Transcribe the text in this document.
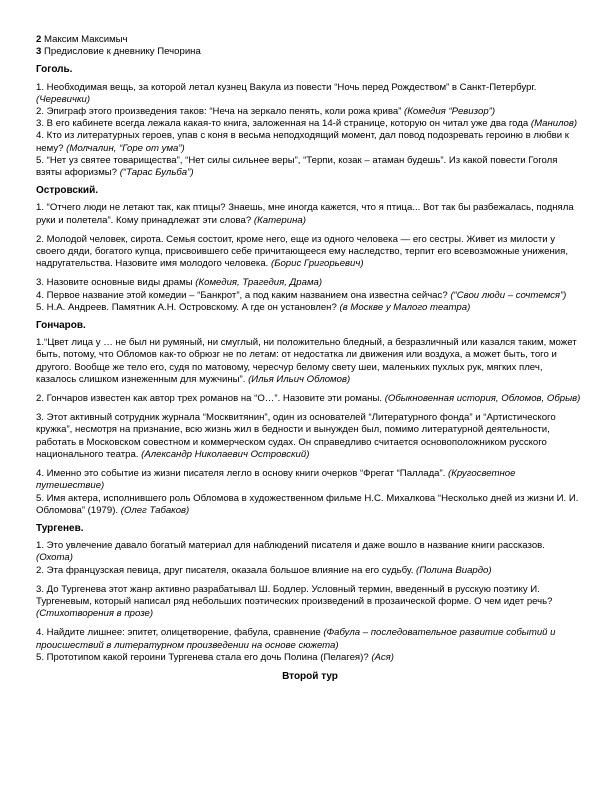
2 Максим Максимыч

3 Предисловие к дневнику Печорина

Гоголь.

1. Необходимая вещь, за которой летал кузнец Вакула из повести “Ночь перед Рождеством” в Санкт-Петербург. (Черевички)

2. Эпиграф этого произведения таков: “Неча на зеркало пенять, коли рожа крива” (Комедия “Ревизор”)

3. В его кабинете всегда лежала какая-то книга, заложенная на 14-й странице, которую он читал уже два года (Манилов)

4. Кто из литературных героев, упав с коня в весьма неподходящий момент, дал повод подозревать героиню в любви к нему? (Молчалин, “Горе от ума”)

5. “Нет уз святее товарищества”, “Нет силы сильнее веры”, “Терпи, козак – атаман будешь”. Из какой повести Гоголя взяты афоризмы? (“Тарас Бульба”)

Островский.

1. “Отчего люди не летают так, как птицы? Знаешь, мне иногда кажется, что я птица... Вот так бы разбежалась, подняла руки и полетела”. Кому принадлежат эти слова? (Катерина)

2. Молодой человек, сирота. Семья состоит, кроме него, еще из одного человека — его сестры. Живет из милости у своего дяди, богатого купца, присвоившего себе причитающееся ему наследство, терпит его всевозможные унижения, надругательства. Назовите имя молодого человека. (Борис Григорьевич)

3. Назовите основные виды драмы (Комедия, Трагедия, Драма)

4. Первое название этой комедии – “Банкрот”, а под каким названием она известна сейчас? (“Свои люди – сочтемся”)

5. Н.А. Андреев. Памятник А.Н. Островскому. А где он установлен? (в Москве у Малого театра)

Гончаров.

1.“Цвет лица у … не был ни румяный, ни смуглый, ни положительно бледный, а безразличный или казался таким, может быть, потому, что Обломов как-то обрюзг не по летам: от недостатка ли движения или воздуха, а может быть, того и другого. Вообще же тело его, судя по матовому, чересчур белому свету шеи, маленьких пухлых рук, мягких плеч, казалось слишком изнеженным для мужчины”. (Илья Ильич Обломов)

2. Гончаров известен как автор трех романов на “О…”. Назовите эти романы. (Обыкновенная история, Обломов, Обрыв)

3. Этот активный сотрудник журнала “Москвитянин”, один из основателей “Литературного фонда” и “Артистического кружка”, несмотря на признание, всю жизнь жил в бедности и вынужден был, помимо литературной деятельности, работать в Московском совестном и коммерческом судах. Он справедливо считается основоположником русского национального театра. (Александр Николаевич Островский)

4. Именно это событие из жизни писателя легло в основу книги очерков “Фрегат “Паллада”. (Кругосветное путешествие)

5. Имя актера, исполнившего роль Обломова в художественном фильме Н.С. Михалкова “Несколько дней из жизни И. И. Обломова” (1979). (Олег Табаков)

Тургенев.

1. Это увлечение давало богатый материал для наблюдений писателя и даже вошло в название книги рассказов. (Охота)

2. Эта французская певица, друг писателя, оказала большое влияние на его судьбу. (Полина Виардо)

3. До Тургенева этот жанр активно разрабатывал Ш. Бодлер. Условный термин, введенный в русскую поэтику И. Тургеневым, который написал ряд небольших поэтических произведений в прозаической форме. О чем идет речь? (Стихотворения в прозе)

4. Найдите лишнее: эпитет, олицетворение, фабула, сравнение (Фабула – последовательное развитие событий и происшествий в литературном произведении на основе сюжета)

5. Прототипом какой героини Тургенева стала его дочь Полина (Пелагея)? (Ася)

Второй тур
